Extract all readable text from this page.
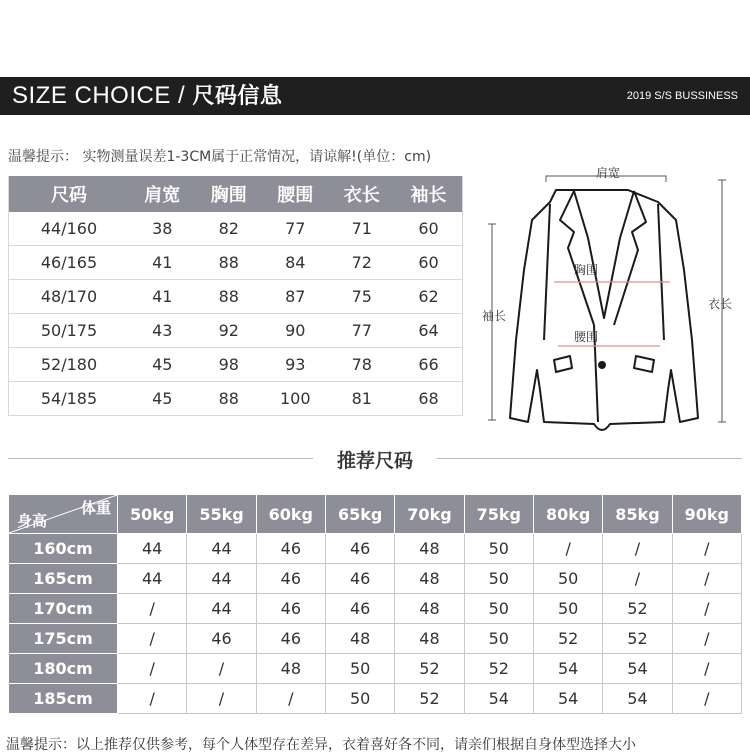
SIZE CHOICE / 尺码信息	2019 S/S BUSSINESS
温馨提示： 实物测量误差1-3CM属于正常情况，请谅解!(单位：cm)
尺码	肩宽	胸围	腰围	衣长	袖长
44/160	38	82	77	71	60
46/165	41	88	84	72	60
48/170	41	88	87	75	62
50/175	43	92	90	77	64
52/180	45	98	93	78	66
54/185	45	88	100	81	68
肩宽
胸围
腰围
袖长
衣长
推荐尺码
体重
身高	50kg	55kg	60kg	65kg	70kg	75kg	80kg	85kg	90kg
160cm	44	44	46	46	48	50	/	/	/
165cm	44	44	46	46	48	50	50	/	/
170cm	/	44	46	46	48	50	50	52	/
175cm	/	46	46	48	48	50	52	52	/
180cm	/	/	48	50	52	52	54	54	/
185cm	/	/	/	50	52	54	54	54	/
温馨提示：以上推荐仅供参考，每个人体型存在差异，衣着喜好各不同，请亲们根据自身体型选择大小
